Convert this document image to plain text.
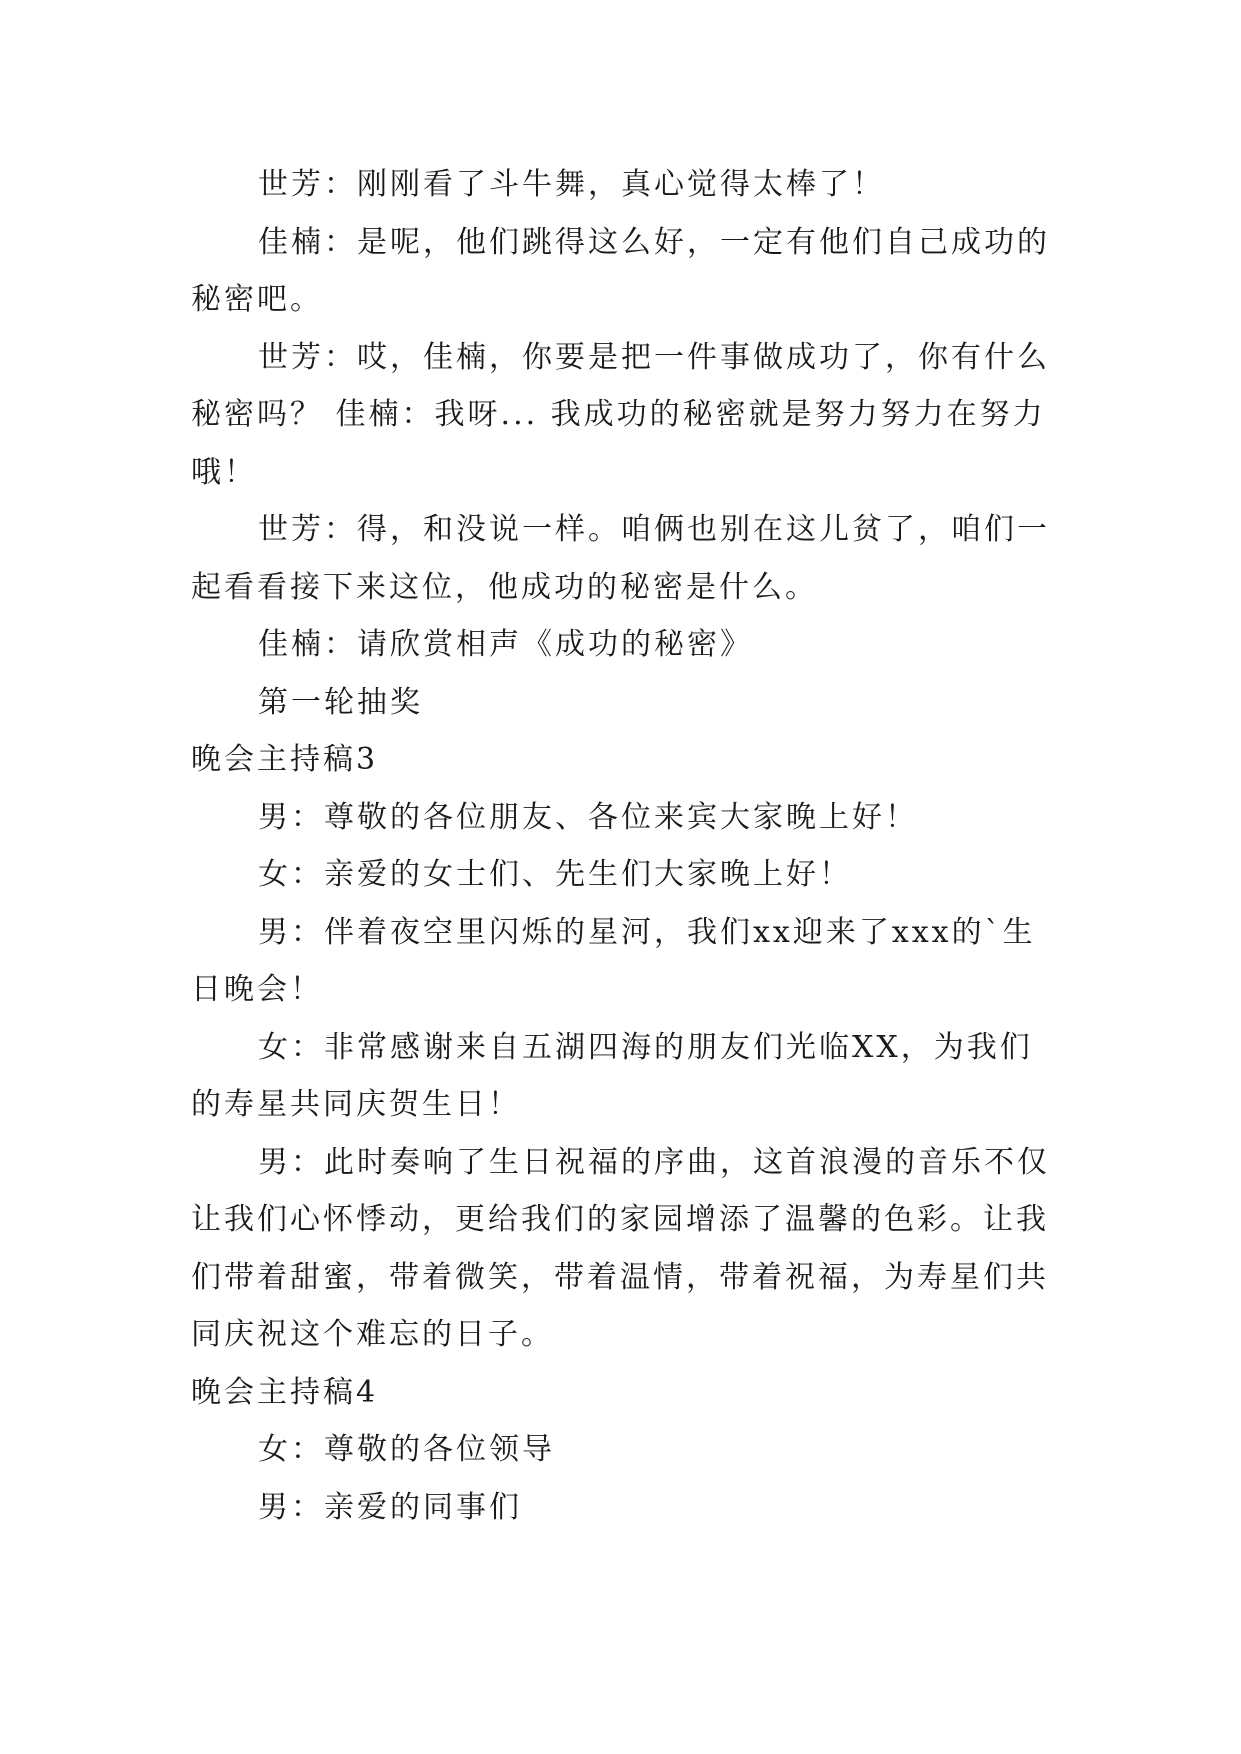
世芳：刚刚看了斗牛舞，真心觉得太棒了！

佳楠：是呢，他们跳得这么好，一定有他们自己成功的秘密吧。

世芳：哎，佳楠，你要是把一件事做成功了，你有什么秘密吗？ 佳楠：我呀... 我成功的秘密就是努力努力在努力哦！

世芳：得，和没说一样。咱俩也别在这儿贫了，咱们一起看看接下来这位，他成功的秘密是什么。

佳楠：请欣赏相声《成功的秘密》

第一轮抽奖

晚会主持稿3

男：尊敬的各位朋友、各位来宾大家晚上好！

女：亲爱的女士们、先生们大家晚上好！

男：伴着夜空里闪烁的星河，我们xx迎来了xxx的`生日晚会！

女：非常感谢来自五湖四海的朋友们光临XX，为我们的寿星共同庆贺生日！

男：此时奏响了生日祝福的序曲，这首浪漫的音乐不仅让我们心怀悸动，更给我们的家园增添了温馨的色彩。让我们带着甜蜜，带着微笑，带着温情，带着祝福，为寿星们共同庆祝这个难忘的日子。

晚会主持稿4

女：尊敬的各位领导

男：亲爱的同事们
